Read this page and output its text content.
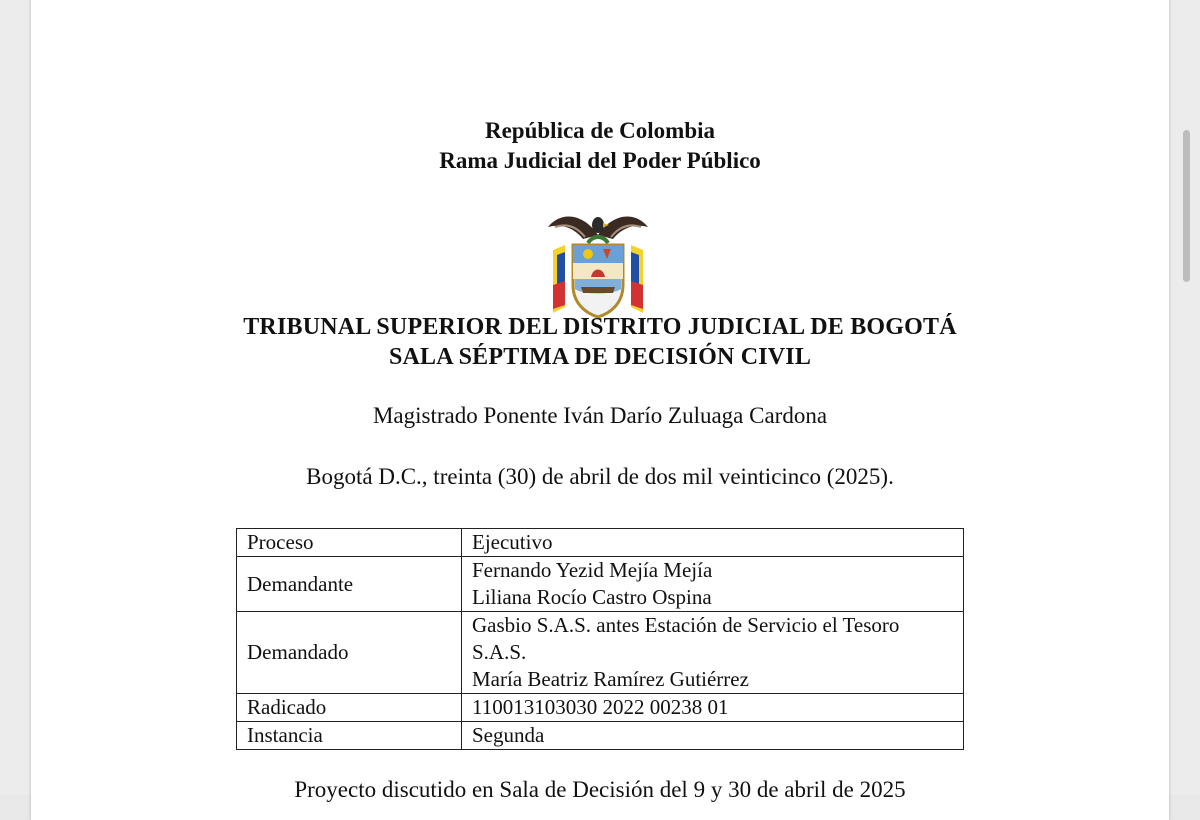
República de Colombia
Rama Judicial del Poder Público
TRIBUNAL SUPERIOR DEL DISTRITO JUDICIAL DE BOGOTÁ
SALA SÉPTIMA DE DECISIÓN CIVIL
Magistrado Ponente Iván Darío Zuluaga Cardona
Bogotá D.C., treinta (30) de abril de dos mil veinticinco (2025).
Proceso	Ejecutivo

Demandante	Fernando Yezid Mejía Mejía
Liliana Rocío Castro Ospina

Demandado	Gasbio S.A.S. antes Estación de Servicio el Tesoro
S.A.S.
María Beatriz Ramírez Gutiérrez

Radicado	110013103030 2022 00238 01

Instancia	Segunda
Proyecto discutido en Sala de Decisión del 9 y 30 de abril de 2025
